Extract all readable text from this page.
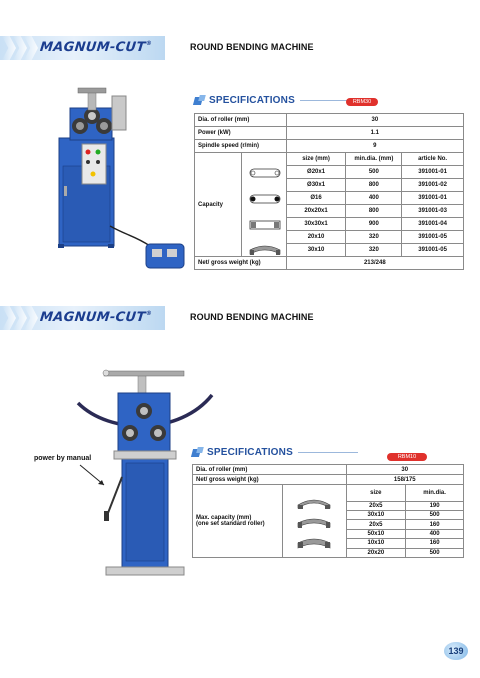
MAGNUM-CUT®	ROUND BENDING MACHINE
SPECIFICATIONS	RBM30
Dia. of roller (mm)	30		
Power (kW)	1.1		
Spindle speed (r/min)	9		

Capacity	size (mm)	min.dia. (mm)	article No.
	Ø20x1	500	391001-01
	Ø30x1	800	391001-02
	Ø16	400	391001-01
	20x20x1	800	391001-03
	30x30x1	900	391001-04
	20x10	320	391001-05
	30x10	320	391001-05
Net/ gross weight (kg)	213/248		
MAGNUM-CUT®	ROUND BENDING MACHINE
power by manual
SPECIFICATIONS	RBM10
Dia. of roller (mm)		30	
Net/ gross weight (kg)		158/175	

Max. capacity (mm)
(one set standard roller)		size	min.dia.
		20x5	190
		30x10	500
		20x5	160
		50x10	400
		10x10	160
		20x20	500
139
